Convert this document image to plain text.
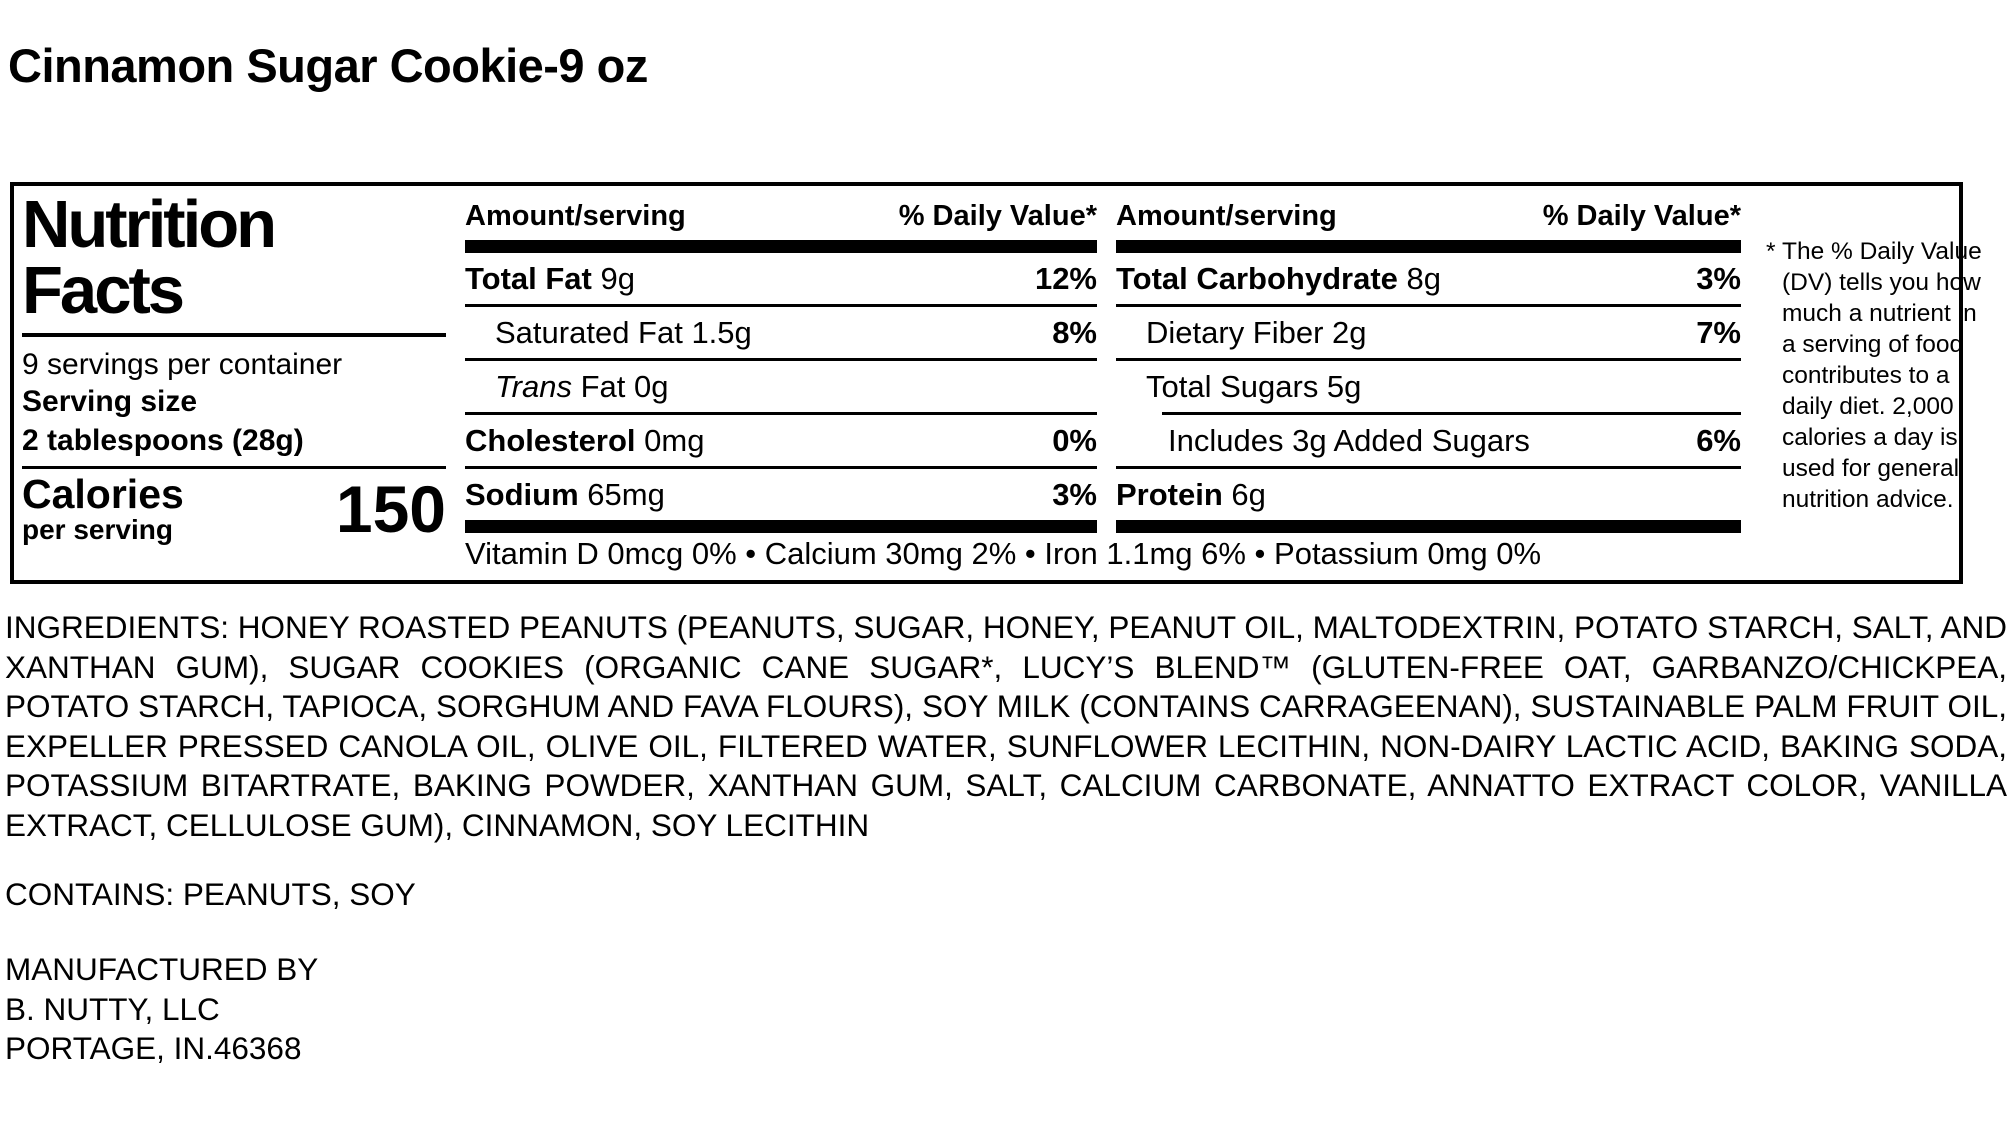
Cinnamon Sugar Cookie-9 oz
Nutrition
Facts
9 servings per container
Serving size
2 tablespoons (28g)
Calories
per serving 150
Amount/serving	% Daily Value*
Total Fat 9g	12%
Saturated Fat 1.5g	8%
Trans Fat 0g
Cholesterol 0mg	0%
Sodium 65mg	3%
Amount/serving	% Daily Value*
Total Carbohydrate 8g	3%
Dietary Fiber 2g	7%
Total Sugars 5g
Includes 3g Added Sugars	6%
Protein 6g
Vitamin D 0mcg 0% • Calcium 30mg 2% • Iron 1.1mg 6% • Potassium 0mg 0%
* The % Daily Value (DV) tells you how much a nutrient in a serving of food contributes to a daily diet. 2,000 calories a day is used for general nutrition advice.
INGREDIENTS: HONEY ROASTED PEANUTS (PEANUTS, SUGAR, HONEY, PEANUT OIL, MALTODEXTRIN, POTATO STARCH, SALT, AND XANTHAN GUM), SUGAR COOKIES (ORGANIC CANE SUGAR*, LUCY’S BLEND™ (GLUTEN-FREE OAT, GARBANZO/CHICKPEA, POTATO STARCH, TAPIOCA, SORGHUM AND FAVA FLOURS), SOY MILK (CONTAINS CARRAGEENAN), SUSTAINABLE PALM FRUIT OIL, EXPELLER PRESSED CANOLA OIL, OLIVE OIL, FILTERED WATER, SUNFLOWER LECITHIN, NON-DAIRY LACTIC ACID, BAKING SODA, POTASSIUM BITARTRATE, BAKING POWDER, XANTHAN GUM, SALT, CALCIUM CARBONATE, ANNATTO EXTRACT COLOR, VANILLA EXTRACT, CELLULOSE GUM), CINNAMON, SOY LECITHIN
CONTAINS: PEANUTS, SOY
MANUFACTURED BY
B. NUTTY, LLC
PORTAGE, IN.46368
